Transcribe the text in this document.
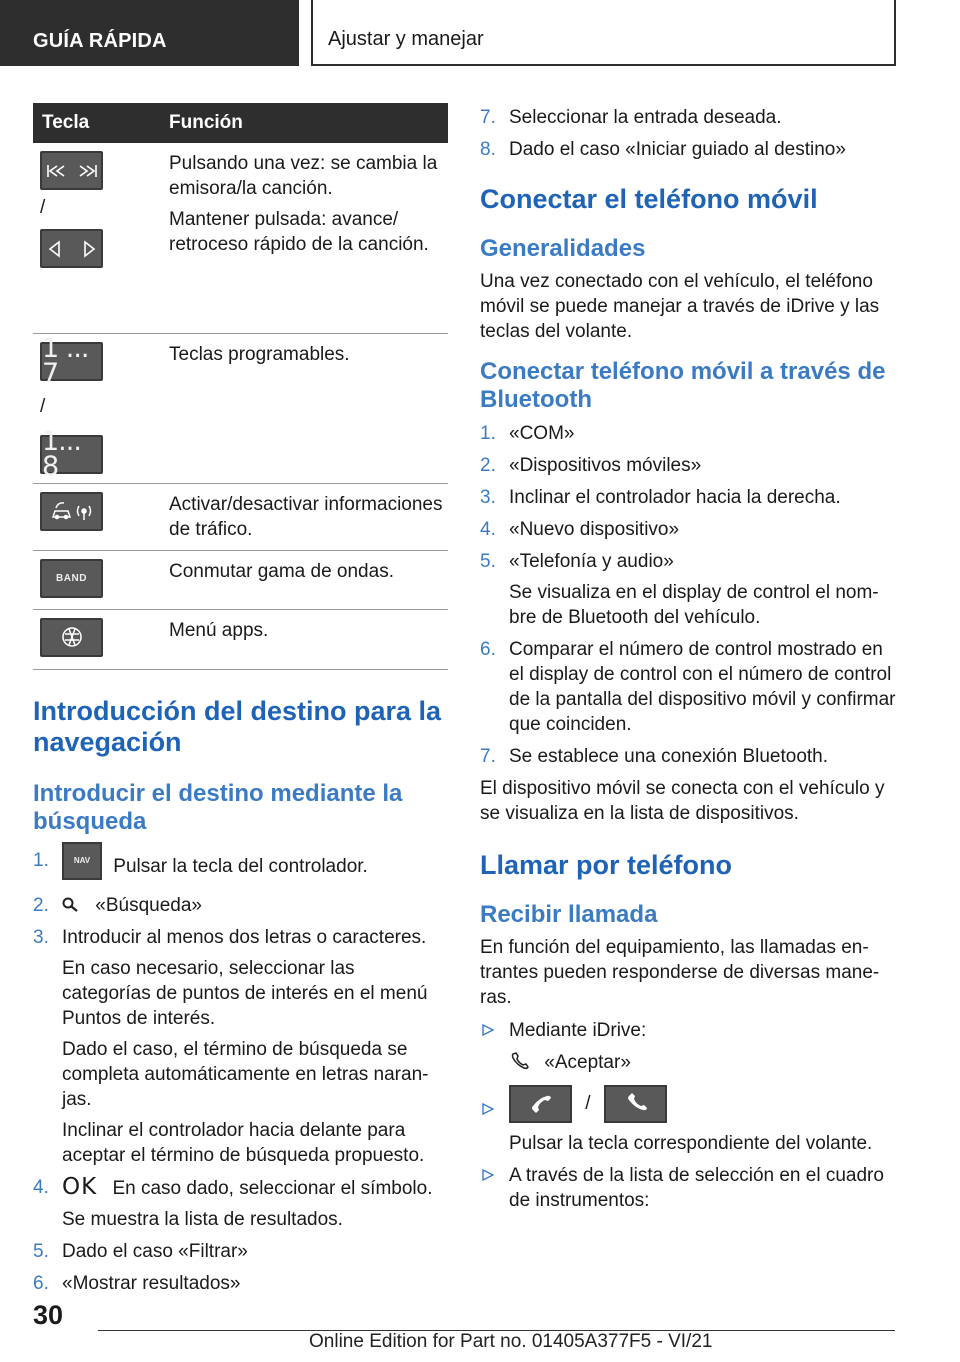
GUÍA RÁPIDA	Ajustar y manejar
Tecla	Función

/	Pulsando una vez: se cambia la emisora/la canción.

Mantener pulsada: avance/ retroceso rápido de la canción.

1 ... 7
/
1... 8	Teclas programables.

Activar/desactivar informaciones de tráfico.

BAND	Conmutar gama de ondas.

Menú apps.

Introducción del destino para la navegación
Introducir el destino mediante la búsqueda
1.	NAV Pulsar la tecla del controlador.
2. «Búsqueda»
3. Introducir al menos dos letras o caracteres.
En caso necesario, seleccionar las categorías de puntos de interés en el menú Puntos de interés.
Dado el caso, el término de búsqueda se completa automáticamente en letras naran‐ jas.
Inclinar el controlador hacia delante para aceptar el término de búsqueda propuesto.
4. OK En caso dado, seleccionar el símbolo.
Se muestra la lista de resultados.
5. Dado el caso «Filtrar»
6. «Mostrar resultados»
7. Seleccionar la entrada deseada.
8. Dado el caso «Iniciar guiado al destino»
Conectar el teléfono móvil
Generalidades

Una vez conectado con el vehículo, el teléfono móvil se puede manejar a través de iDrive y las teclas del volante.

Conectar teléfono móvil a través de Bluetooth
1. «COM»
2. «Dispositivos móviles»
3. Inclinar el controlador hacia la derecha.
4. «Nuevo dispositivo»
5. «Telefonía y audio»
Se visualiza en el display de control el nom‐ bre de Bluetooth del vehículo.
6. Comparar el número de control mostrado en el display de control con el número de control de la pantalla del dispositivo móvil y confirmar que coinciden.
7. Se establece una conexión Bluetooth.

El dispositivo móvil se conecta con el vehículo y se visualiza en la lista de dispositivos.

Llamar por teléfono
Recibir llamada

En función del equipamiento, las llamadas en‐ trantes pueden responderse de diversas mane‐ ras.

Mediante iDrive:
«Aceptar»
/
Pulsar la tecla correspondiente del volante.
A través de la lista de selección en el cuadro de instrumentos:
30
Online Edition for Part no. 01405A377F5 - VI/21
